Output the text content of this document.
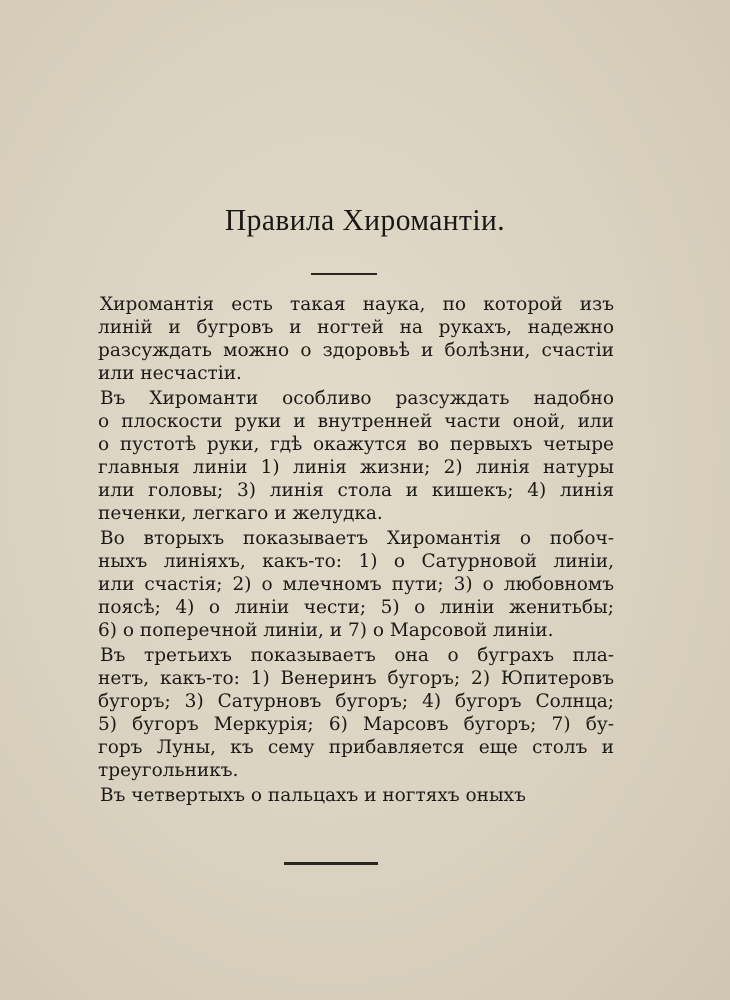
Правила Хиромантіи.
Хиромантія есть такая наука, по которой изъ
линій и бугровъ и ногтей на рукахъ, надежно
разсуждать можно о здоровьѣ и болѣзни, счастіи
или несчастіи.
Въ Хироманти особливо разсуждать надобно
о плоскости руки и внутренней части оной, или
о пустотѣ руки, гдѣ окажутся во первыхъ четыре
главныя линіи 1) линія жизни; 2) линія натуры
или головы; 3) линія стола и кишекъ; 4) линія
печенки, легкаго и желудка.
Во вторыхъ показываетъ Хиромантія о побоч-
ныхъ линіяхъ, какъ-то: 1) о Сатурновой линіи,
или счастія; 2) о млечномъ пути; 3) о любовномъ
поясѣ; 4) о линіи чести; 5) о линіи женитьбы;
6) о поперечной линіи, и 7) о Марсовой линіи.
Въ третьихъ показываетъ она о буграхъ пла-
нетъ, какъ-то: 1) Венеринъ бугоръ; 2) Юпитеровъ
бугоръ; 3) Сатурновъ бугоръ; 4) бугоръ Солнца;
5) бугоръ Меркурія; 6) Марсовъ бугоръ; 7) бу-
горъ Луны, къ сему прибавляется еще столъ и
треугольникъ.
Въ четвертыхъ о пальцахъ и ногтяхъ оныхъ
